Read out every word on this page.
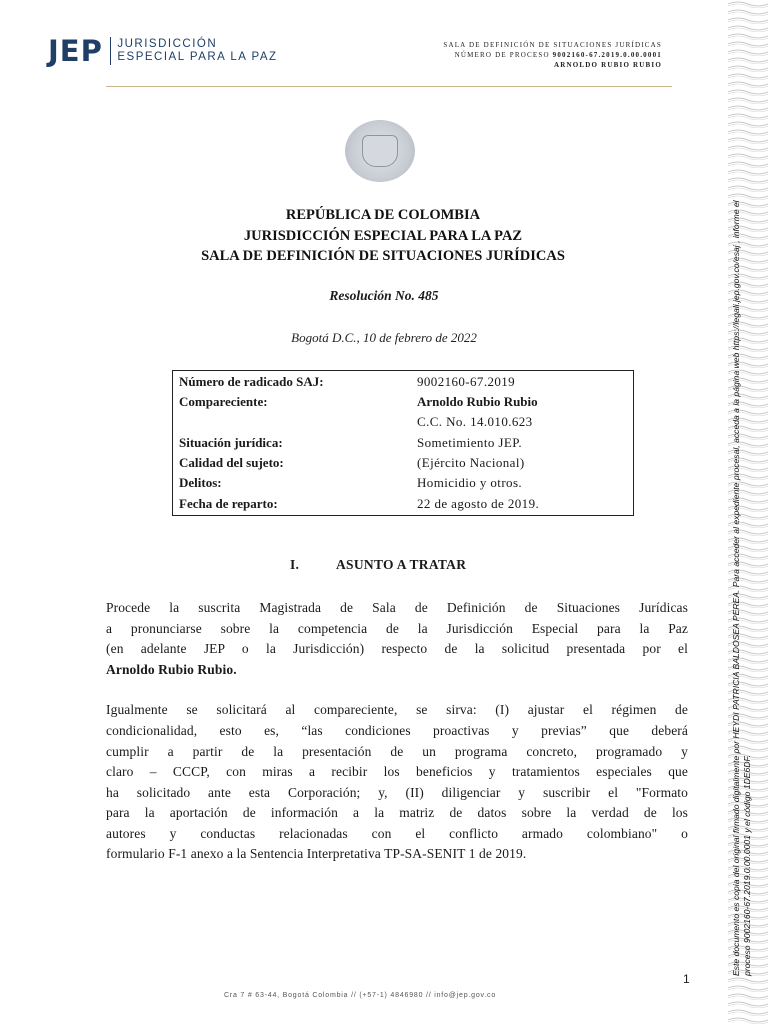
JEP JURISDICCIÓN
ESPECIAL PARA LA PAZ
SALA DE DEFINICIÓN DE SITUACIONES JURÍDICAS
NÚMERO DE PROCESO 9002160-67.2019.0.00.0001
ARNOLDO RUBIO RUBIO
REPÚBLICA DE COLOMBIA
JURISDICCIÓN ESPECIAL PARA LA PAZ
SALA DE DEFINICIÓN DE SITUACIONES JURÍDICAS
Resolución No. 485
Bogotá D.C., 10 de febrero de 2022
Número de radicado SAJ:	9002160-67.2019
Compareciente:	Arnoldo Rubio Rubio
C.C. No. 14.010.623
Situación jurídica:	Sometimiento JEP.
Calidad del sujeto:	(Ejército Nacional)
Delitos:	Homicidio y otros.
Fecha de reparto:	22 de agosto de 2019.
I.	ASUNTO A TRATAR
Procede la suscrita Magistrada de Sala de Definición de Situaciones Jurídicas
a pronunciarse sobre la competencia de la Jurisdicción Especial para la Paz
(en adelante JEP o la Jurisdicción) respecto de la solicitud presentada por el
Arnoldo Rubio Rubio.
Igualmente se solicitará al compareciente, se sirva: (I) ajustar el régimen de
condicionalidad, esto es, “las condiciones proactivas y previas” que deberá
cumplir a partir de la presentación de un programa concreto, programado y
claro – CCCP, con miras a recibir los beneficios y tratamientos especiales que
ha solicitado ante esta Corporación; y, (II) diligenciar y suscribir el "Formato
para la aportación de información a la matriz de datos sobre la verdad de los
autores y conductas relacionadas con el conflicto armado colombiano" o
formulario F-1 anexo a la Sentencia Interpretativa TP-SA-SENIT 1 de 2019.
1
Cra 7 # 63-44, Bogotá Colombia // (+57-1) 4846980 // info@jep.gov.co
Este documento es copia del original firmado digitalmente por HEYDI PATRICIA BALDOSEA PEREA. Para acceder al expediente procesal, acceda a la página web https://legali.jep.gov.co/esaj , informe el proceso 9002160-67.2019.0.00.0001 y el código 1DE6DF.
